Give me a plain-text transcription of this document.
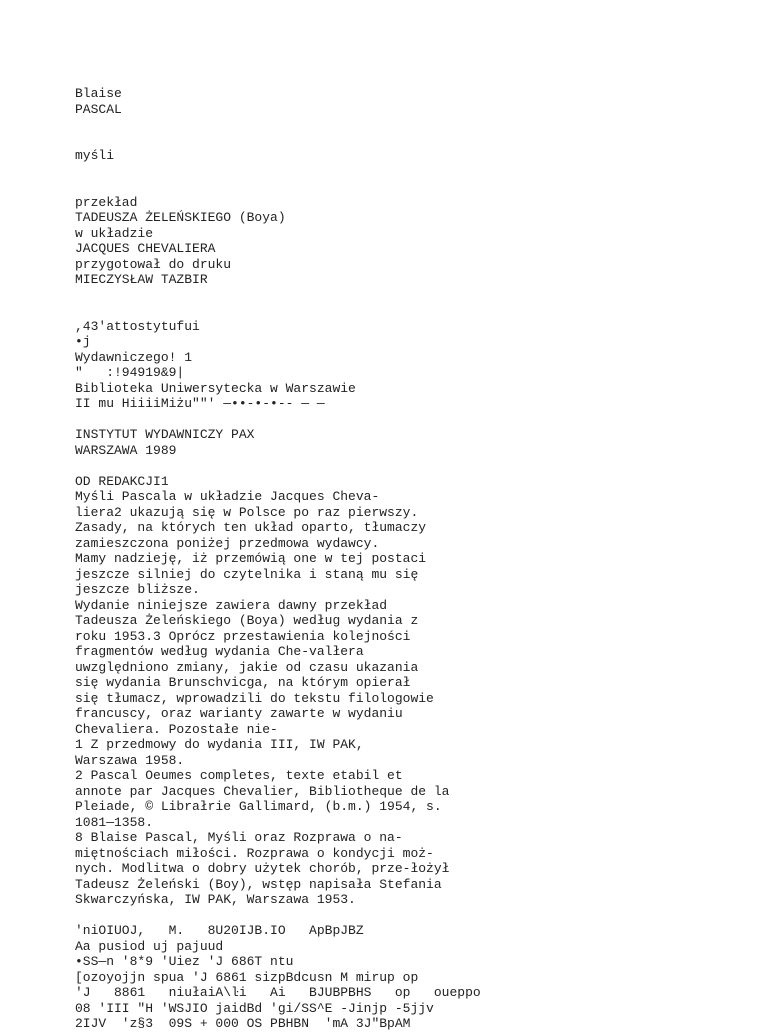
Blaise
PASCAL
myśli
przekład
TADEUSZA ŻELEŃSKIEGO (Boya)
w układzie
JACQUES CHEVALIERA
przygotował do druku
MIECZYSŁAW TAZBIR
,43'attostytufui
•j
Wydawniczego! 1
"   :!94919&9|
Biblioteka Uniwersytecka w Warszawie
II mu HiiiiMiżu""' —••-•-•-- — —
INSTYTUT WYDAWNICZY PAX
WARSZAWA 1989
OD REDAKCJI1
Myśli Pascala w układzie Jacques Cheva-
liera2 ukazują się w Polsce po raz pierwszy.
Zasady, na których ten układ oparto, tłumaczy
zamieszczona poniżej przedmowa wydawcy.
Mamy nadzieję, iż przemówią one w tej postaci
jeszcze silniej do czytelnika i staną mu się
jeszcze bliższe.
Wydanie niniejsze zawiera dawny przekład
Tadeusza Żeleńskiego (Boya) według wydania z
roku 1953.3 Oprócz przestawienia kolejności
fragmentów według wydania Che-valłera
uwzględniono zmiany, jakie od czasu ukazania
się wydania Brunschvicga, na którym opierał
się tłumacz, wprowadzili do tekstu filologowie
francuscy, oraz warianty zawarte w wydaniu
Chevaliera. Pozostałe nie-
1 Z przedmowy do wydania III, IW PAK,
Warszawa 1958.
2 Pascal Oeumes completes, texte etabil et
annote par Jacques Chevalier, Bibliotheque de la
Pleiade, © Librałrie Gallimard, (b.m.) 1954, s.
1081—1358.
8 Blaise Pascal, Myśli oraz Rozprawa o na-
miętnościach miłości. Rozprawa o kondycji moż-
nych. Modlitwa o dobry użytek chorób, prze-łożył
Tadeusz Żeleński (Boy), wstęp napisała Stefania
Skwarczyńska, IW PAK, Warszawa 1953.
'niOIUOJ,   M.   8U20IJB.IO   ApBpJBZ
Aa pusiod uj pajuud
•SS—n '8*9 'Uiez 'J 686T ntu
[ozoyojjn spua 'J 6861 sizpBdcusn M mirup op
'J   8861   niułaiA\ŀi   Ai   BJUBPBHS   op   oueppo
08 'III "H 'WSJIO jaidBd 'gi/SS^E -Jinjp -5jjv
2IJV  'z§3  09S + 000 OS PBHBN  'mA 3J"BpAM
